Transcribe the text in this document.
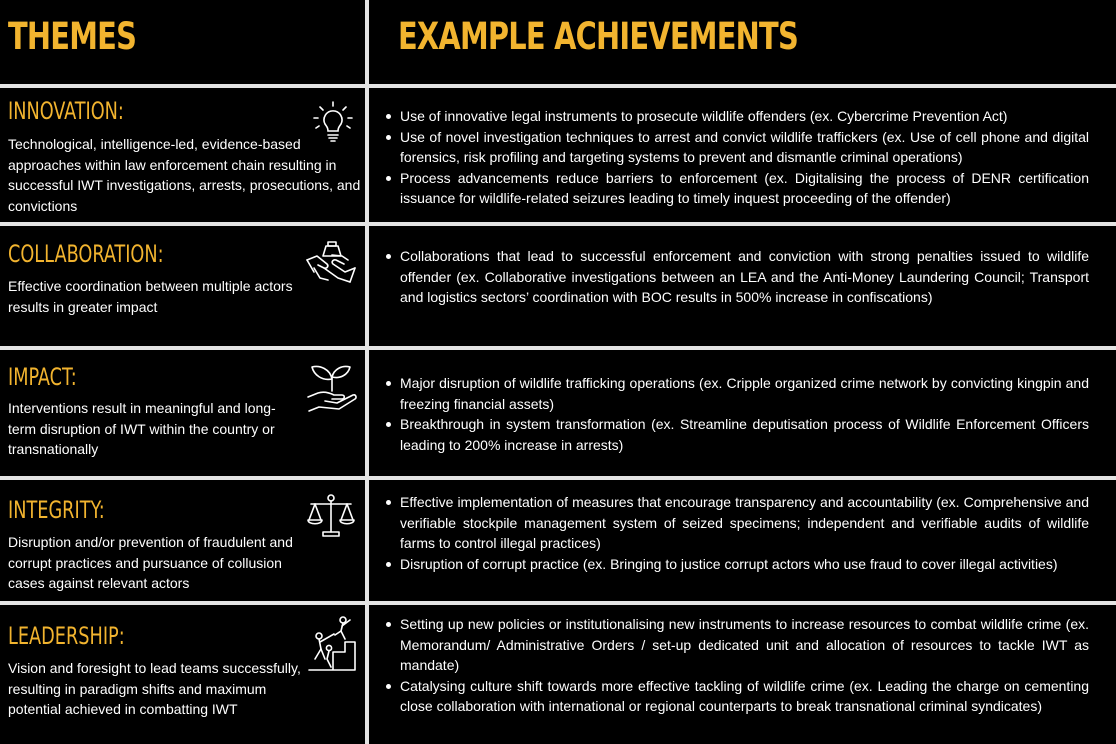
THEMES	EXAMPLE ACHIEVEMENTS
INNOVATION:
Technological, intelligence-led, evidence-based approaches within law enforcement chain resulting in successful IWT investigations, arrests, prosecutions, and convictions
Use of innovative legal instruments to prosecute wildlife offenders (ex. Cybercrime Prevention Act)
Use of novel investigation techniques to arrest and convict wildlife traffickers (ex. Use of cell phone and digital forensics, risk profiling and targeting systems to prevent and dismantle criminal operations)
Process advancements reduce barriers to enforcement (ex. Digitalising the process of DENR certification issuance for wildlife-related seizures leading to timely inquest proceeding of the offender)
COLLABORATION:
Effective coordination between multiple actors results in greater impact
Collaborations that lead to successful enforcement and conviction with strong penalties issued to wildlife offender (ex. Collaborative investigations between an LEA and the Anti-Money Laundering Council; Transport and logistics sectors’ coordination with BOC results in 500% increase in confiscations)
IMPACT:
Interventions result in meaningful and long-term disruption of IWT within the country or transnationally
Major disruption of wildlife trafficking operations (ex. Cripple organized crime network by convicting kingpin and freezing financial assets)
Breakthrough in system transformation (ex. Streamline deputisation process of Wildlife Enforcement Officers leading to 200% increase in arrests)
INTEGRITY:
Disruption and/or prevention of fraudulent and corrupt practices and pursuance of collusion cases against relevant actors
Effective implementation of measures that encourage transparency and accountability (ex. Comprehensive and verifiable stockpile management system of seized specimens; independent and verifiable audits of wildlife farms to control illegal practices)
Disruption of corrupt practice (ex. Bringing to justice corrupt actors who use fraud to cover illegal activities)
LEADERSHIP:
Vision and foresight to lead teams successfully, resulting in paradigm shifts and maximum potential achieved in combatting IWT
Setting up new policies or institutionalising new instruments to increase resources to combat wildlife crime (ex. Memorandum/ Administrative Orders / set-up dedicated unit and allocation of resources to tackle IWT as mandate)
Catalysing culture shift towards more effective tackling of wildlife crime (ex. Leading the charge on cementing close collaboration with international or regional counterparts to break transnational criminal syndicates)
